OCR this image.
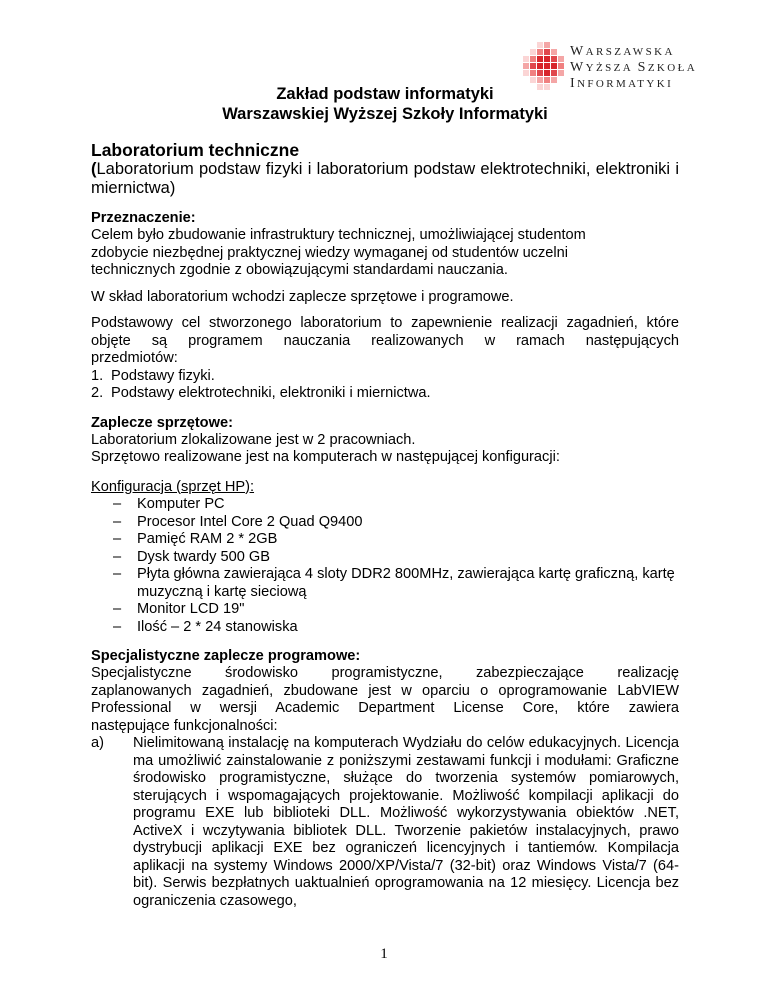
WARSZAWSKA
WYŻSZA SZKOŁA
INFORMATYKI
Zakład podstaw informatyki
Warszawskiej Wyższej Szkoły Informatyki
Laboratorium techniczne
(Laboratorium podstaw fizyki i laboratorium podstaw elektrotechniki, elektroniki i miernictwa)
Przeznaczenie:

Celem było zbudowanie infrastruktury technicznej, umożliwiającej studentom

zdobycie niezbędnej praktycznej wiedzy wymaganej od studentów uczelni

technicznych zgodnie z obowiązującymi standardami nauczania.

W skład laboratorium wchodzi zaplecze sprzętowe i programowe.

Podstawowy cel stworzonego laboratorium to zapewnienie realizacji zagadnień, które

objęte są programem nauczania realizowanych w ramach następujących

przedmiotów:

1. Podstawy fizyki.
2. Podstawy elektrotechniki, elektroniki i miernictwa.
Zaplecze sprzętowe:

Laboratorium zlokalizowane jest w 2 pracowniach.

Sprzętowo realizowane jest na komputerach w następującej konfiguracji:

Konfiguracja (sprzęt HP):

– Komputer PC
– Procesor Intel Core 2 Quad Q9400
– Pamięć RAM 2 * 2GB
– Dysk twardy 500 GB
– Płyta główna zawierająca 4 sloty DDR2 800MHz, zawierająca kartę graficzną, kartę muzyczną i kartę sieciową
– Monitor LCD 19"
– Ilość – 2 * 24 stanowiska
Specjalistyczne zaplecze programowe:

Specjalistyczne środowisko programistyczne, zabezpieczające realizację

zaplanowanych zagadnień, zbudowane jest w oparciu o oprogramowanie LabVIEW

Professional w wersji Academic Department License Core, które zawiera

następujące funkcjonalności:

a)	Nielimitowaną instalację na komputerach Wydziału do celów edukacyjnych. Licencja ma umożliwić zainstalowanie z poniższymi zestawami funkcji i modułami: Graficzne środowisko programistyczne, służące do tworzenia systemów pomiarowych, sterujących i wspomagających projektowanie. Możliwość kompilacji aplikacji do programu EXE lub biblioteki DLL. Możliwość wykorzystywania obiektów .NET, ActiveX i wczytywania bibliotek DLL. Tworzenie pakietów instalacyjnych, prawo dystrybucji aplikacji EXE bez ograniczeń licencyjnych i tantiemów. Kompilacja aplikacji na systemy Windows 2000/XP/Vista/7 (32-bit) oraz Windows Vista/7 (64-bit). Serwis bezpłatnych uaktualnień oprogramowania na 12 miesięcy. Licencja bez ograniczenia czasowego,

1
